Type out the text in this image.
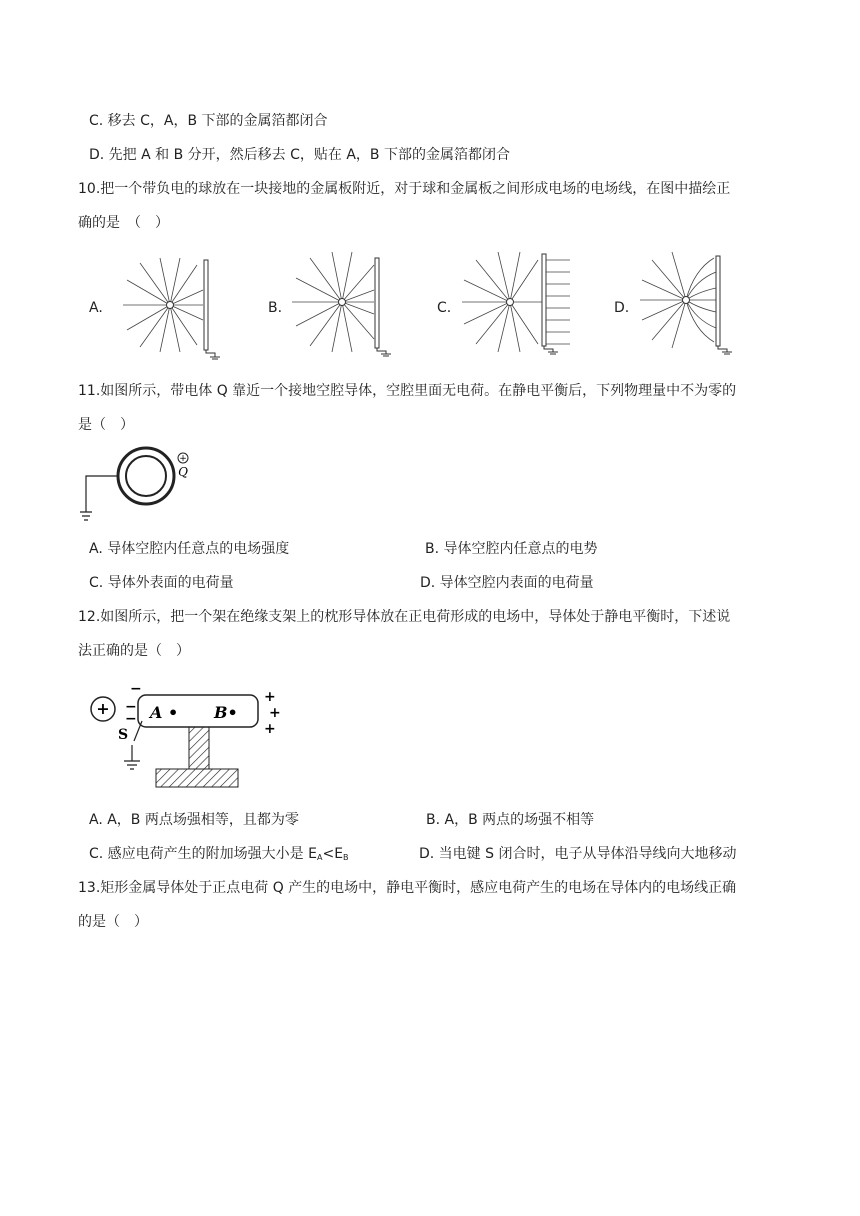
C. 移去 C，A，B 下部的金属箔都闭合
D. 先把 A 和 B 分开，然后移去 C，贴在 A，B 下部的金属箔都闭合
10.把一个带负电的球放在一块接地的金属板附近，对于球和金属板之间形成电场的电场线，在图中描绘正
确的是　（　）
A.	B.	C.	D.
11.如图所示，带电体 Q 靠近一个接地空腔导体，空腔里面无电荷。在静电平衡后，下列物理量中不为零的
是（　）
+
Q
A. 导体空腔内任意点的电场强度	B. 导体空腔内任意点的电势
C. 导体外表面的电荷量	D. 导体空腔内表面的电荷量
12.如图所示，把一个架在绝缘支架上的枕形导体放在正电荷形成的电场中，导体处于静电平衡时，下述说
法正确的是（　）
+	A • B•
−
−
−
+
+
+
S
A. A，B 两点场强相等，且都为零	B. A，B 两点的场强不相等
C. 感应电荷产生的附加场强大小是 $E_A<E_B$	D. 当电键 S 闭合时，电子从导体沿导线向大地移动
13.矩形金属导体处于正点电荷 Q 产生的电场中，静电平衡时，感应电荷产生的电场在导体内的电场线正确
的是（　）
